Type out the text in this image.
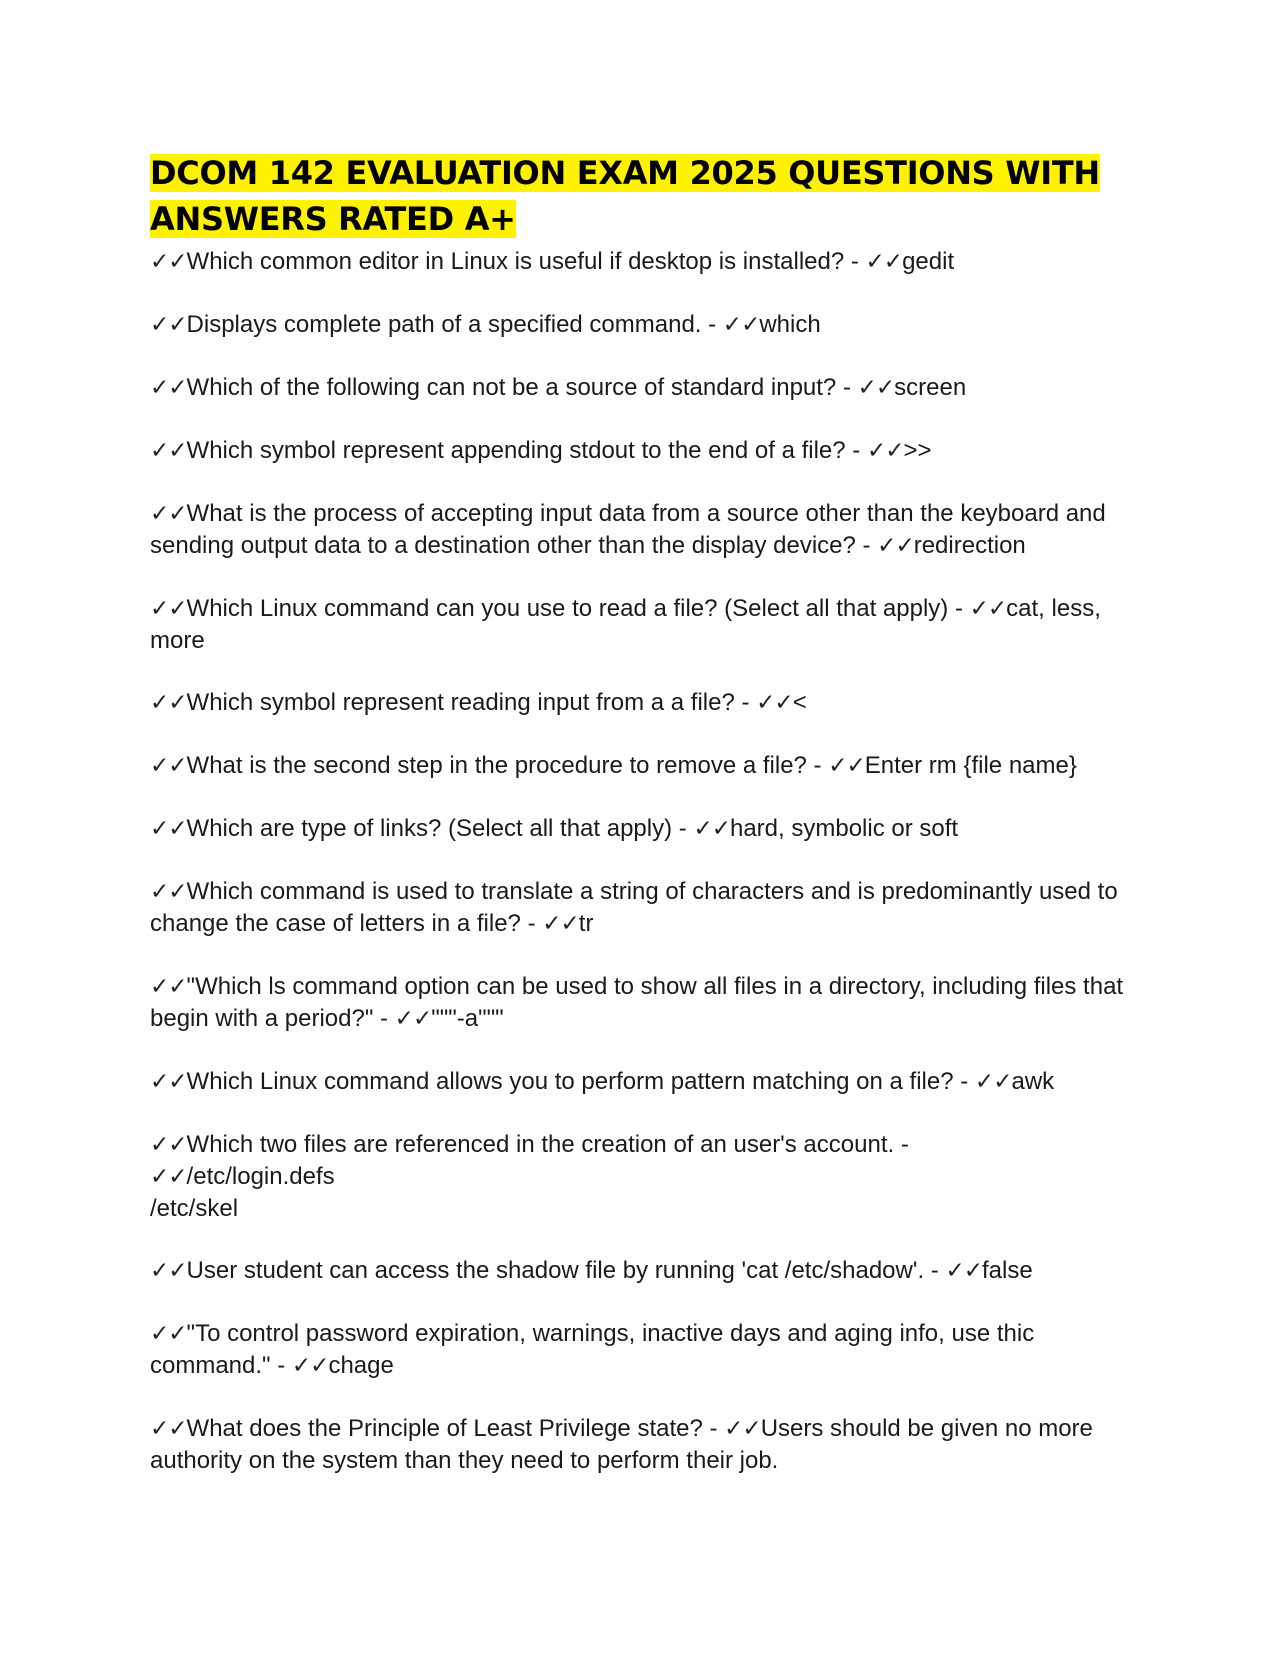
DCOM 142 EVALUATION EXAM 2025 QUESTIONS WITH ANSWERS RATED A+
✓✓Which common editor in Linux is useful if desktop is installed? - ✓✓gedit
✓✓Displays complete path of a specified command. - ✓✓which
✓✓Which of the following can not be a source of standard input? - ✓✓screen
✓✓Which symbol represent appending stdout to the end of a file? - ✓✓>>
✓✓What is the process of accepting input data from a source other than the keyboard and sending output data to a destination other than the display device? - ✓✓redirection
✓✓Which Linux command can you use to read a file? (Select all that apply) - ✓✓cat, less, more
✓✓Which symbol represent reading input from a a file? - ✓✓<
✓✓What is the second step in the procedure to remove a file? - ✓✓Enter rm {file name}
✓✓Which are type of links? (Select all that apply) - ✓✓hard, symbolic or soft
✓✓Which command is used to translate a string of characters and is predominantly used to change the case of letters in a file? - ✓✓tr
✓✓"Which ls command option can be used to show all files in a directory, including files that begin with a period?" - ✓✓"""-a"""
✓✓Which Linux command allows you to perform pattern matching on a file? - ✓✓awk
✓✓Which two files are referenced in the creation of an user's account. -
✓✓/etc/login.defs
/etc/skel
✓✓User student can access the shadow file by running 'cat /etc/shadow'. - ✓✓false
✓✓"To control password expiration, warnings, inactive days and aging info, use thic command." - ✓✓chage
✓✓What does the Principle of Least Privilege state? - ✓✓Users should be given no more authority on the system than they need to perform their job.
